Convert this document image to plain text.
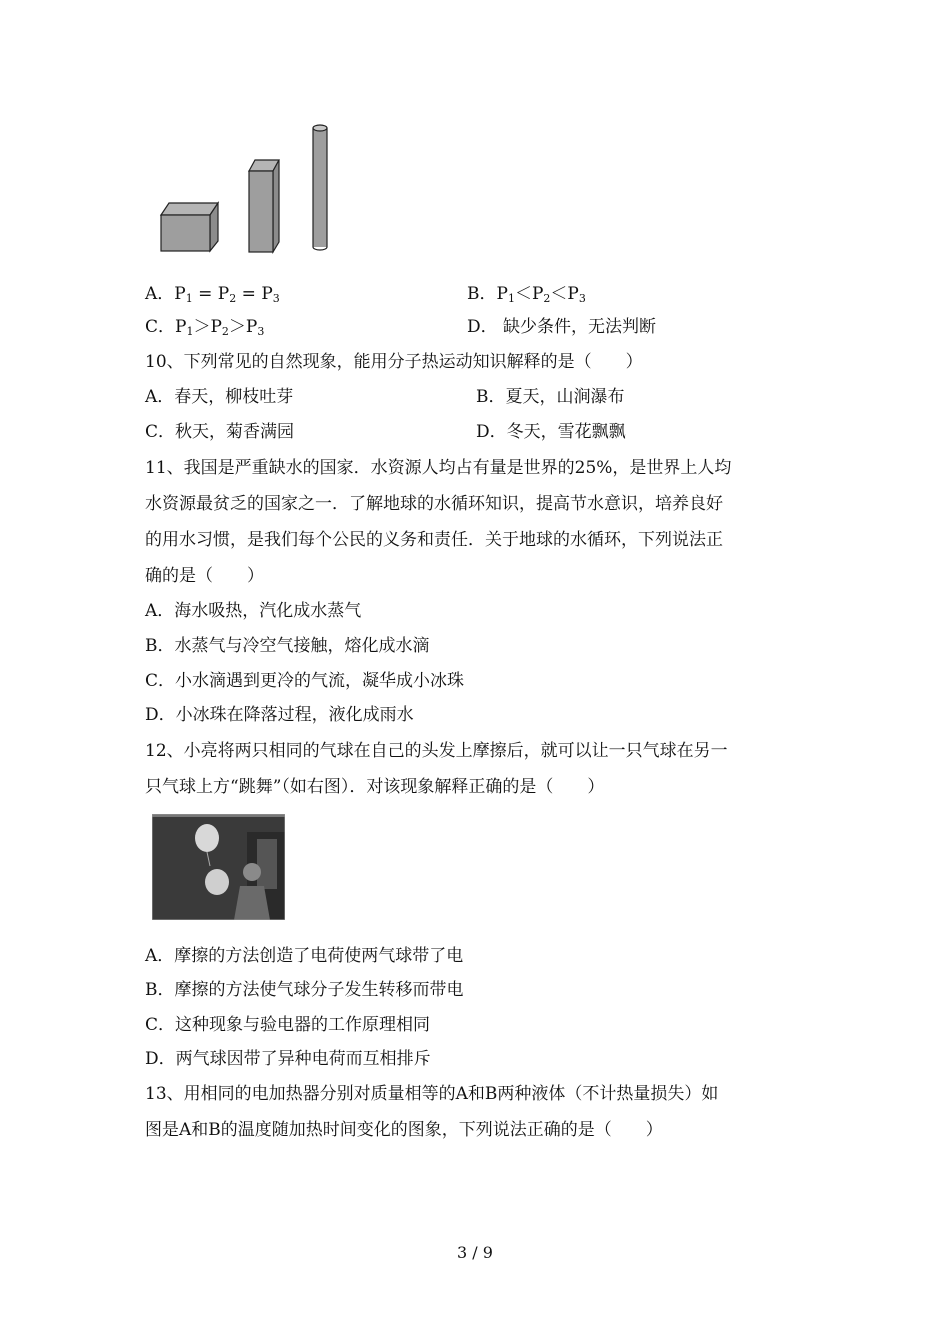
A．$P_1 = P_2 = P_3$	B．$P_1<P_2<P_3$
C．$P_1>P_2>P_3$	D． 缺少条件，无法判断
10、下列常见的自然现象，能用分子热运动知识解释的是（　　）
A．春天，柳枝吐芽	B．夏天，山涧瀑布
C．秋天，菊香满园	D．冬天，雪花飘飘
11、我国是严重缺水的国家．水资源人均占有量是世界的25%，是世界上人均
水资源最贫乏的国家之一．了解地球的水循环知识，提高节水意识，培养良好
的用水习惯，是我们每个公民的义务和责任．关于地球的水循环，下列说法正
确的是（　　）
A．海水吸热，汽化成水蒸气
B．水蒸气与冷空气接触，熔化成水滴
C．小水滴遇到更冷的气流，凝华成小冰珠
D．小冰珠在降落过程，液化成雨水
12、小亮将两只相同的气球在自己的头发上摩擦后，就可以让一只气球在另一
只气球上方“跳舞”（如右图）．对该现象解释正确的是（　　）
A．摩擦的方法创造了电荷使两气球带了电
B．摩擦的方法使气球分子发生转移而带电
C．这种现象与验电器的工作原理相同
D．两气球因带了异种电荷而互相排斥
13、用相同的电加热器分别对质量相等的A和B两种液体（不计热量损失）如
图是A和B的温度随加热时间变化的图象，下列说法正确的是（　　）
3 / 9
